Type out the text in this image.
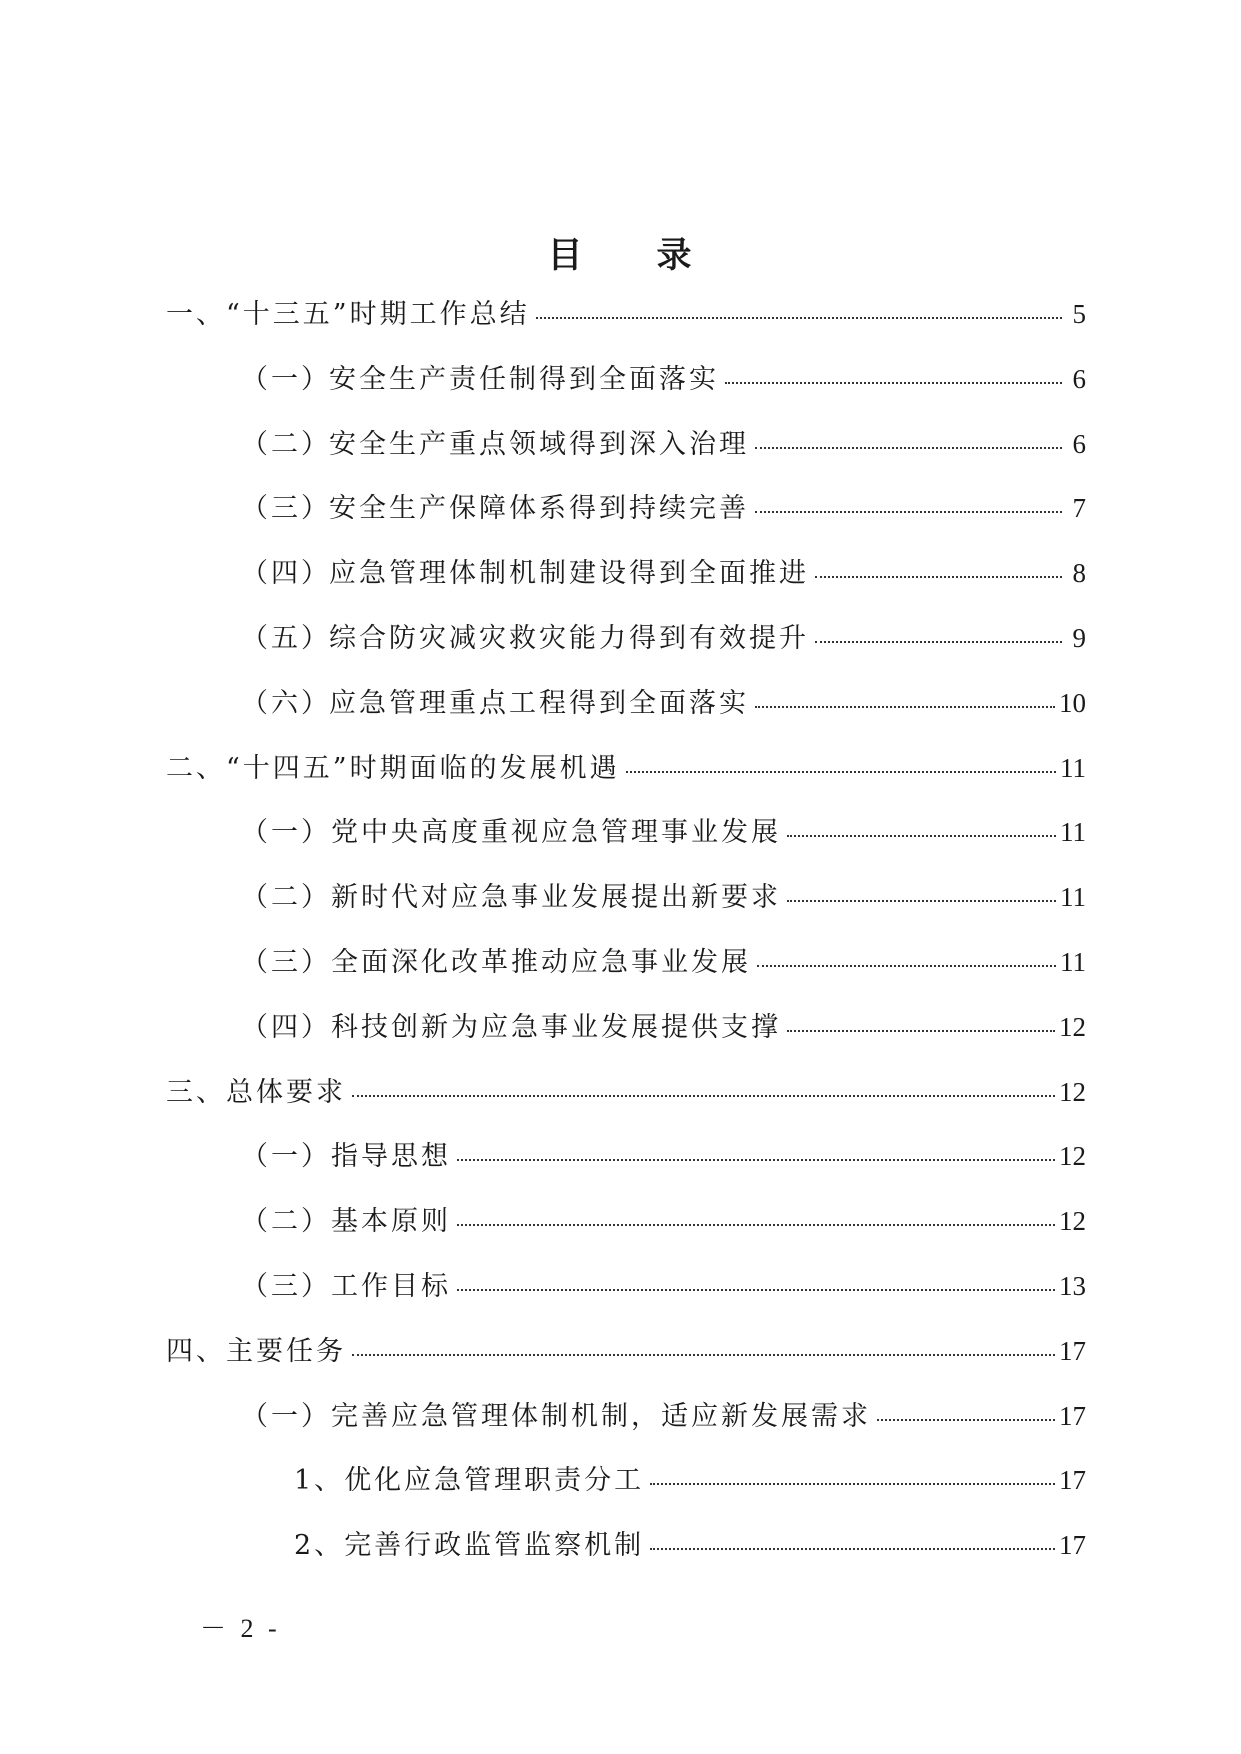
目 录
一、“十三五”时期工作总结	5
（一）安全生产责任制得到全面落实	6
（二）安全生产重点领域得到深入治理	6
（三）安全生产保障体系得到持续完善	7
（四）应急管理体制机制建设得到全面推进	8
（五）综合防灾减灾救灾能力得到有效提升	9
（六）应急管理重点工程得到全面落实	10
二、“十四五”时期面临的发展机遇	11
（一）党中央高度重视应急管理事业发展	11
（二）新时代对应急事业发展提出新要求	11
（三）全面深化改革推动应急事业发展	11
（四）科技创新为应急事业发展提供支撑	12
三、总体要求	12
（一）指导思想	12
（二）基本原则	12
（三）工作目标	13
四、主要任务	17
（一）完善应急管理体制机制，适应新发展需求	17
1、优化应急管理职责分工	17
2、完善行政监管监察机制	17
－ 2 -
